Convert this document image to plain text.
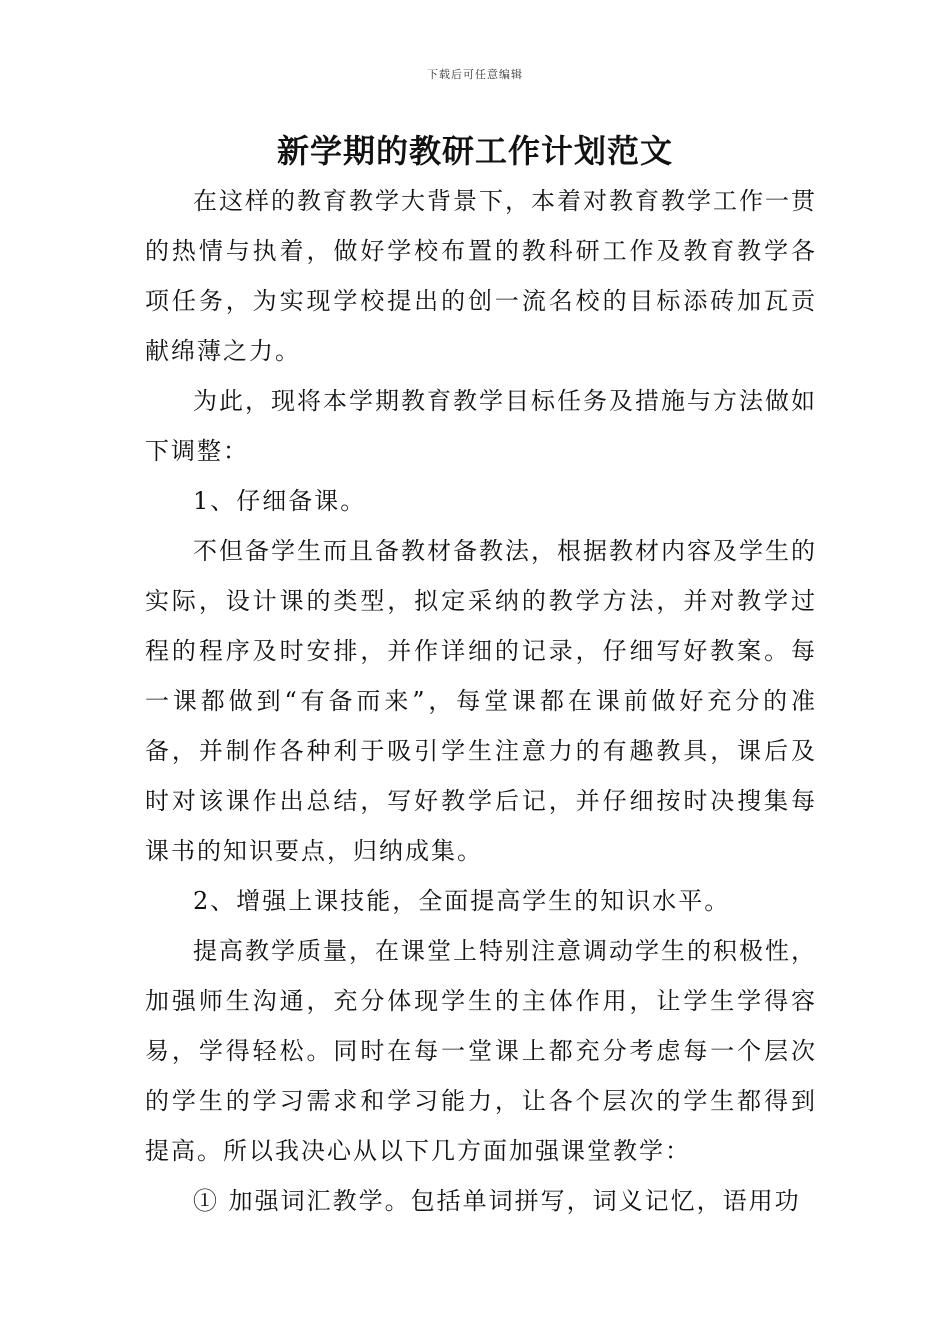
下载后可任意编辑
新学期的教研工作计划范文

在这样的教育教学大背景下，本着对教育教学工作一贯的热情与执着，做好学校布置的教科研工作及教育教学各项任务，为实现学校提出的创一流名校的目标添砖加瓦贡献绵薄之力。

为此，现将本学期教育教学目标任务及措施与方法做如下调整：

1、仔细备课。

不但备学生而且备教材备教法，根据教材内容及学生的实际，设计课的类型，拟定采纳的教学方法，并对教学过程的程序及时安排，并作详细的记录，仔细写好教案。每一课都做到“有备而来”，每堂课都在课前做好充分的准备，并制作各种利于吸引学生注意力的有趣教具，课后及时对该课作出总结，写好教学后记，并仔细按时决搜集每课书的知识要点，归纳成集。

2、增强上课技能，全面提高学生的知识水平。

提高教学质量，在课堂上特别注意调动学生的积极性，加强师生沟通，充分体现学生的主体作用，让学生学得容易，学得轻松。同时在每一堂课上都充分考虑每一个层次的学生的学习需求和学习能力，让各个层次的学生都得到提高。所以我决心从以下几方面加强课堂教学：

① 加强词汇教学。包括单词拼写，词义记忆，语用功
